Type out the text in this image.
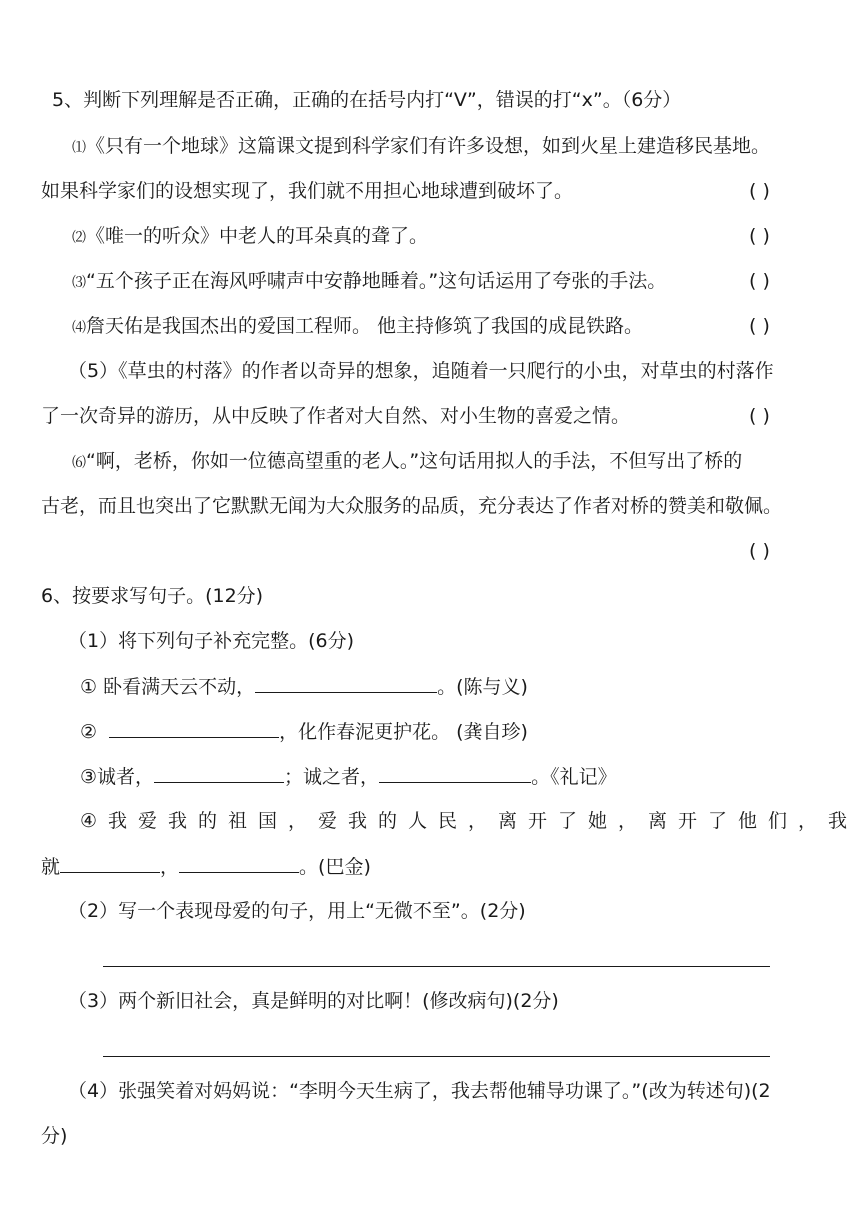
5、判断下列理解是否正确，正确的在括号内打“V”，错误的打“x”。（6分）
⑴《只有一个地球》这篇课文提到科学家们有许多设想，如到火星上建造移民基地。
如果科学家们的设想实现了，我们就不用担心地球遭到破坏了。	( )
⑵《唯一的听众》中老人的耳朵真的聋了。	( )
⑶“五个孩子正在海风呼啸声中安静地睡着。”这句话运用了夸张的手法。	( )
⑷詹天佑是我国杰出的爱国工程师。 他主持修筑了我国的成昆铁路。	( )
（5）《草虫的村落》的作者以奇异的想象，追随着一只爬行的小虫，对草虫的村落作
了一次奇异的游历，从中反映了作者对大自然、对小生物的喜爱之情。	( )
⑹“啊，老桥，你如一位德高望重的老人。”这句话用拟人的手法，不但写出了桥的
古老，而且也突出了它默默无闻为大众服务的品质，充分表达了作者对桥的赞美和敬佩。
( )
6、按要求写句子。(12分)
（1）将下列句子补充完整。(6分)
① 卧看满天云不动，	。(陈与义)
②	，化作春泥更护花。 (龚自珍)
③诚者，	；诚之者，	。《礼记》
④我爱我的祖国，爱我的人民，离开了她，离开了他们，我
就	，	。(巴金)
（2）写一个表现母爱的句子，用上“无微不至”。(2分)
（3）两个新旧社会，真是鲜明的对比啊！(修改病句)(2分)
（4）张强笑着对妈妈说：“李明今天生病了，我去帮他辅导功课了。”(改为转述句)(2
分)
